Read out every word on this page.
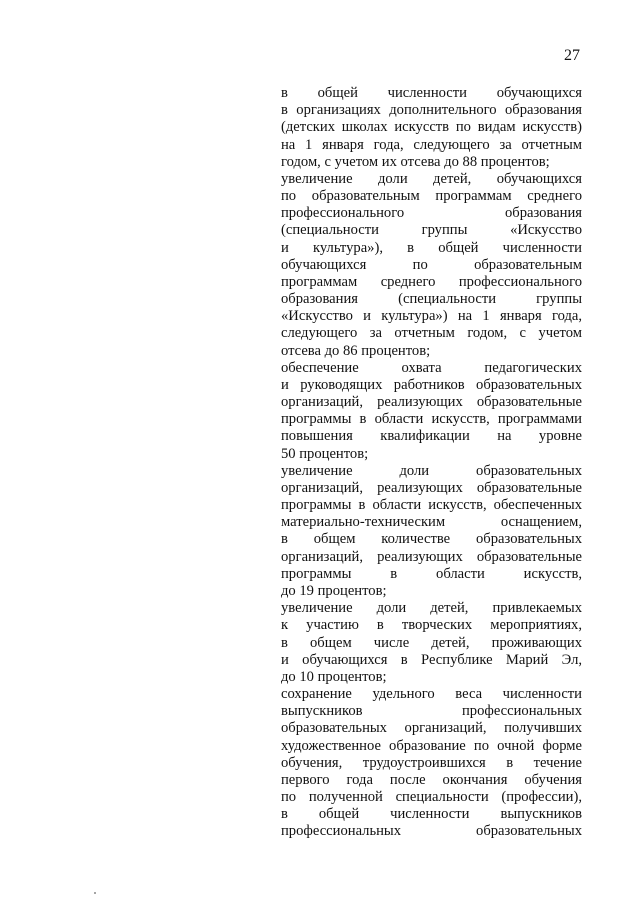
27
в общей численности обучающихся
в организациях дополнительного образования
(детских школах искусств по видам искусств)
на 1 января года, следующего за отчетным
годом, с учетом их отсева до 88 процентов;
увеличение доли детей, обучающихся
по образовательным программам среднего
профессионального образования
(специальности группы «Искусство
и культура»), в общей численности
обучающихся по образовательным
программам среднего профессионального
образования (специальности группы
«Искусство и культура») на 1 января года,
следующего за отчетным годом, с учетом
отсева до 86 процентов;
обеспечение охвата педагогических
и руководящих работников образовательных
организаций, реализующих образовательные
программы в области искусств, программами
повышения квалификации на уровне
50 процентов;
увеличение доли образовательных
организаций, реализующих образовательные
программы в области искусств, обеспеченных
материально-техническим оснащением,
в общем количестве образовательных
организаций, реализующих образовательные
программы в области искусств,
до 19 процентов;
увеличение доли детей, привлекаемых
к участию в творческих мероприятиях,
в общем числе детей, проживающих
и обучающихся в Республике Марий Эл,
до 10 процентов;
сохранение удельного веса численности
выпускников профессиональных
образовательных организаций, получивших
художественное образование по очной форме
обучения, трудоустроившихся в течение
первого года после окончания обучения
по полученной специальности (профессии),
в общей численности выпускников
профессиональных образовательных
